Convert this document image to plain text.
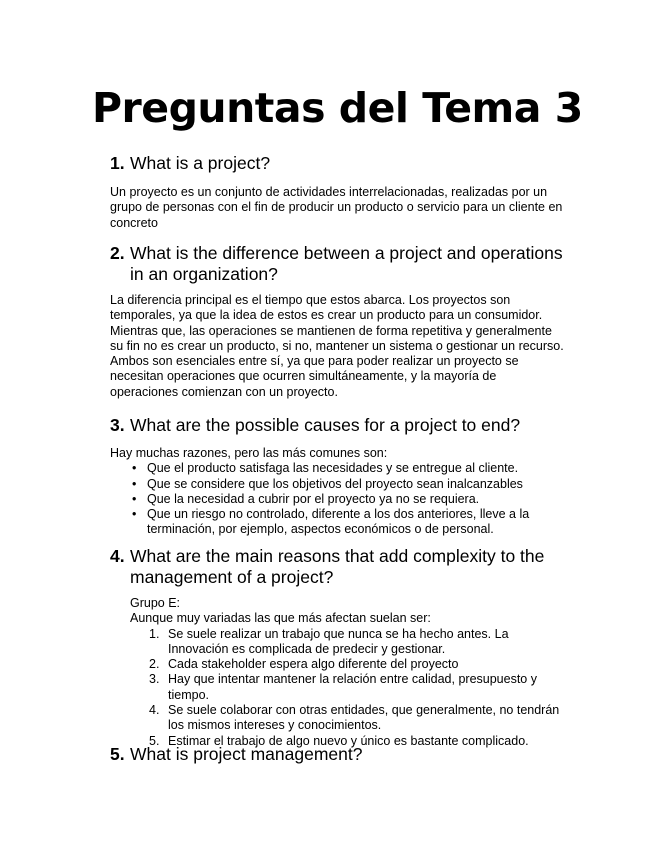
Preguntas del Tema 3
1. What is a project?

Un proyecto es un conjunto de actividades interrelacionadas, realizadas por un grupo de personas con el fin de producir un producto o servicio para un cliente en concreto

2. What is the difference between a project and operations
in an organization?

La diferencia principal es el tiempo que estos abarca. Los proyectos son temporales, ya que la idea de estos es crear un producto para un consumidor. Mientras que, las operaciones se mantienen de forma repetitiva y generalmente su fin no es crear un producto, si no, mantener un sistema o gestionar un recurso. Ambos son esenciales entre sí, ya que para poder realizar un proyecto se necesitan operaciones que ocurren simultáneamente, y la mayoría de operaciones comienzan con un proyecto.

3. What are the possible causes for a project to end?

Hay muchas razones, pero las más comunes son:

• Que el producto satisfaga las necesidades y se entregue al cliente.
• Que se considere que los objetivos del proyecto sean inalcanzables
• Que la necesidad a cubrir por el proyecto ya no se requiera.
• Que un riesgo no controlado, diferente a los dos anteriores, lleve a la terminación, por ejemplo, aspectos económicos o de personal.
4. What are the main reasons that add complexity to the
management of a project?

Grupo E:

Aunque muy variadas las que más afectan suelan ser:

1. Se suele realizar un trabajo que nunca se ha hecho antes. La Innovación es complicada de predecir y gestionar.
2. Cada stakeholder espera algo diferente del proyecto
3. Hay que intentar mantener la relación entre calidad, presupuesto y tiempo.
4. Se suele colaborar con otras entidades, que generalmente, no tendrán los mismos intereses y conocimientos.
5. Estimar el trabajo de algo nuevo y único es bastante complicado.
5. What is project management?
